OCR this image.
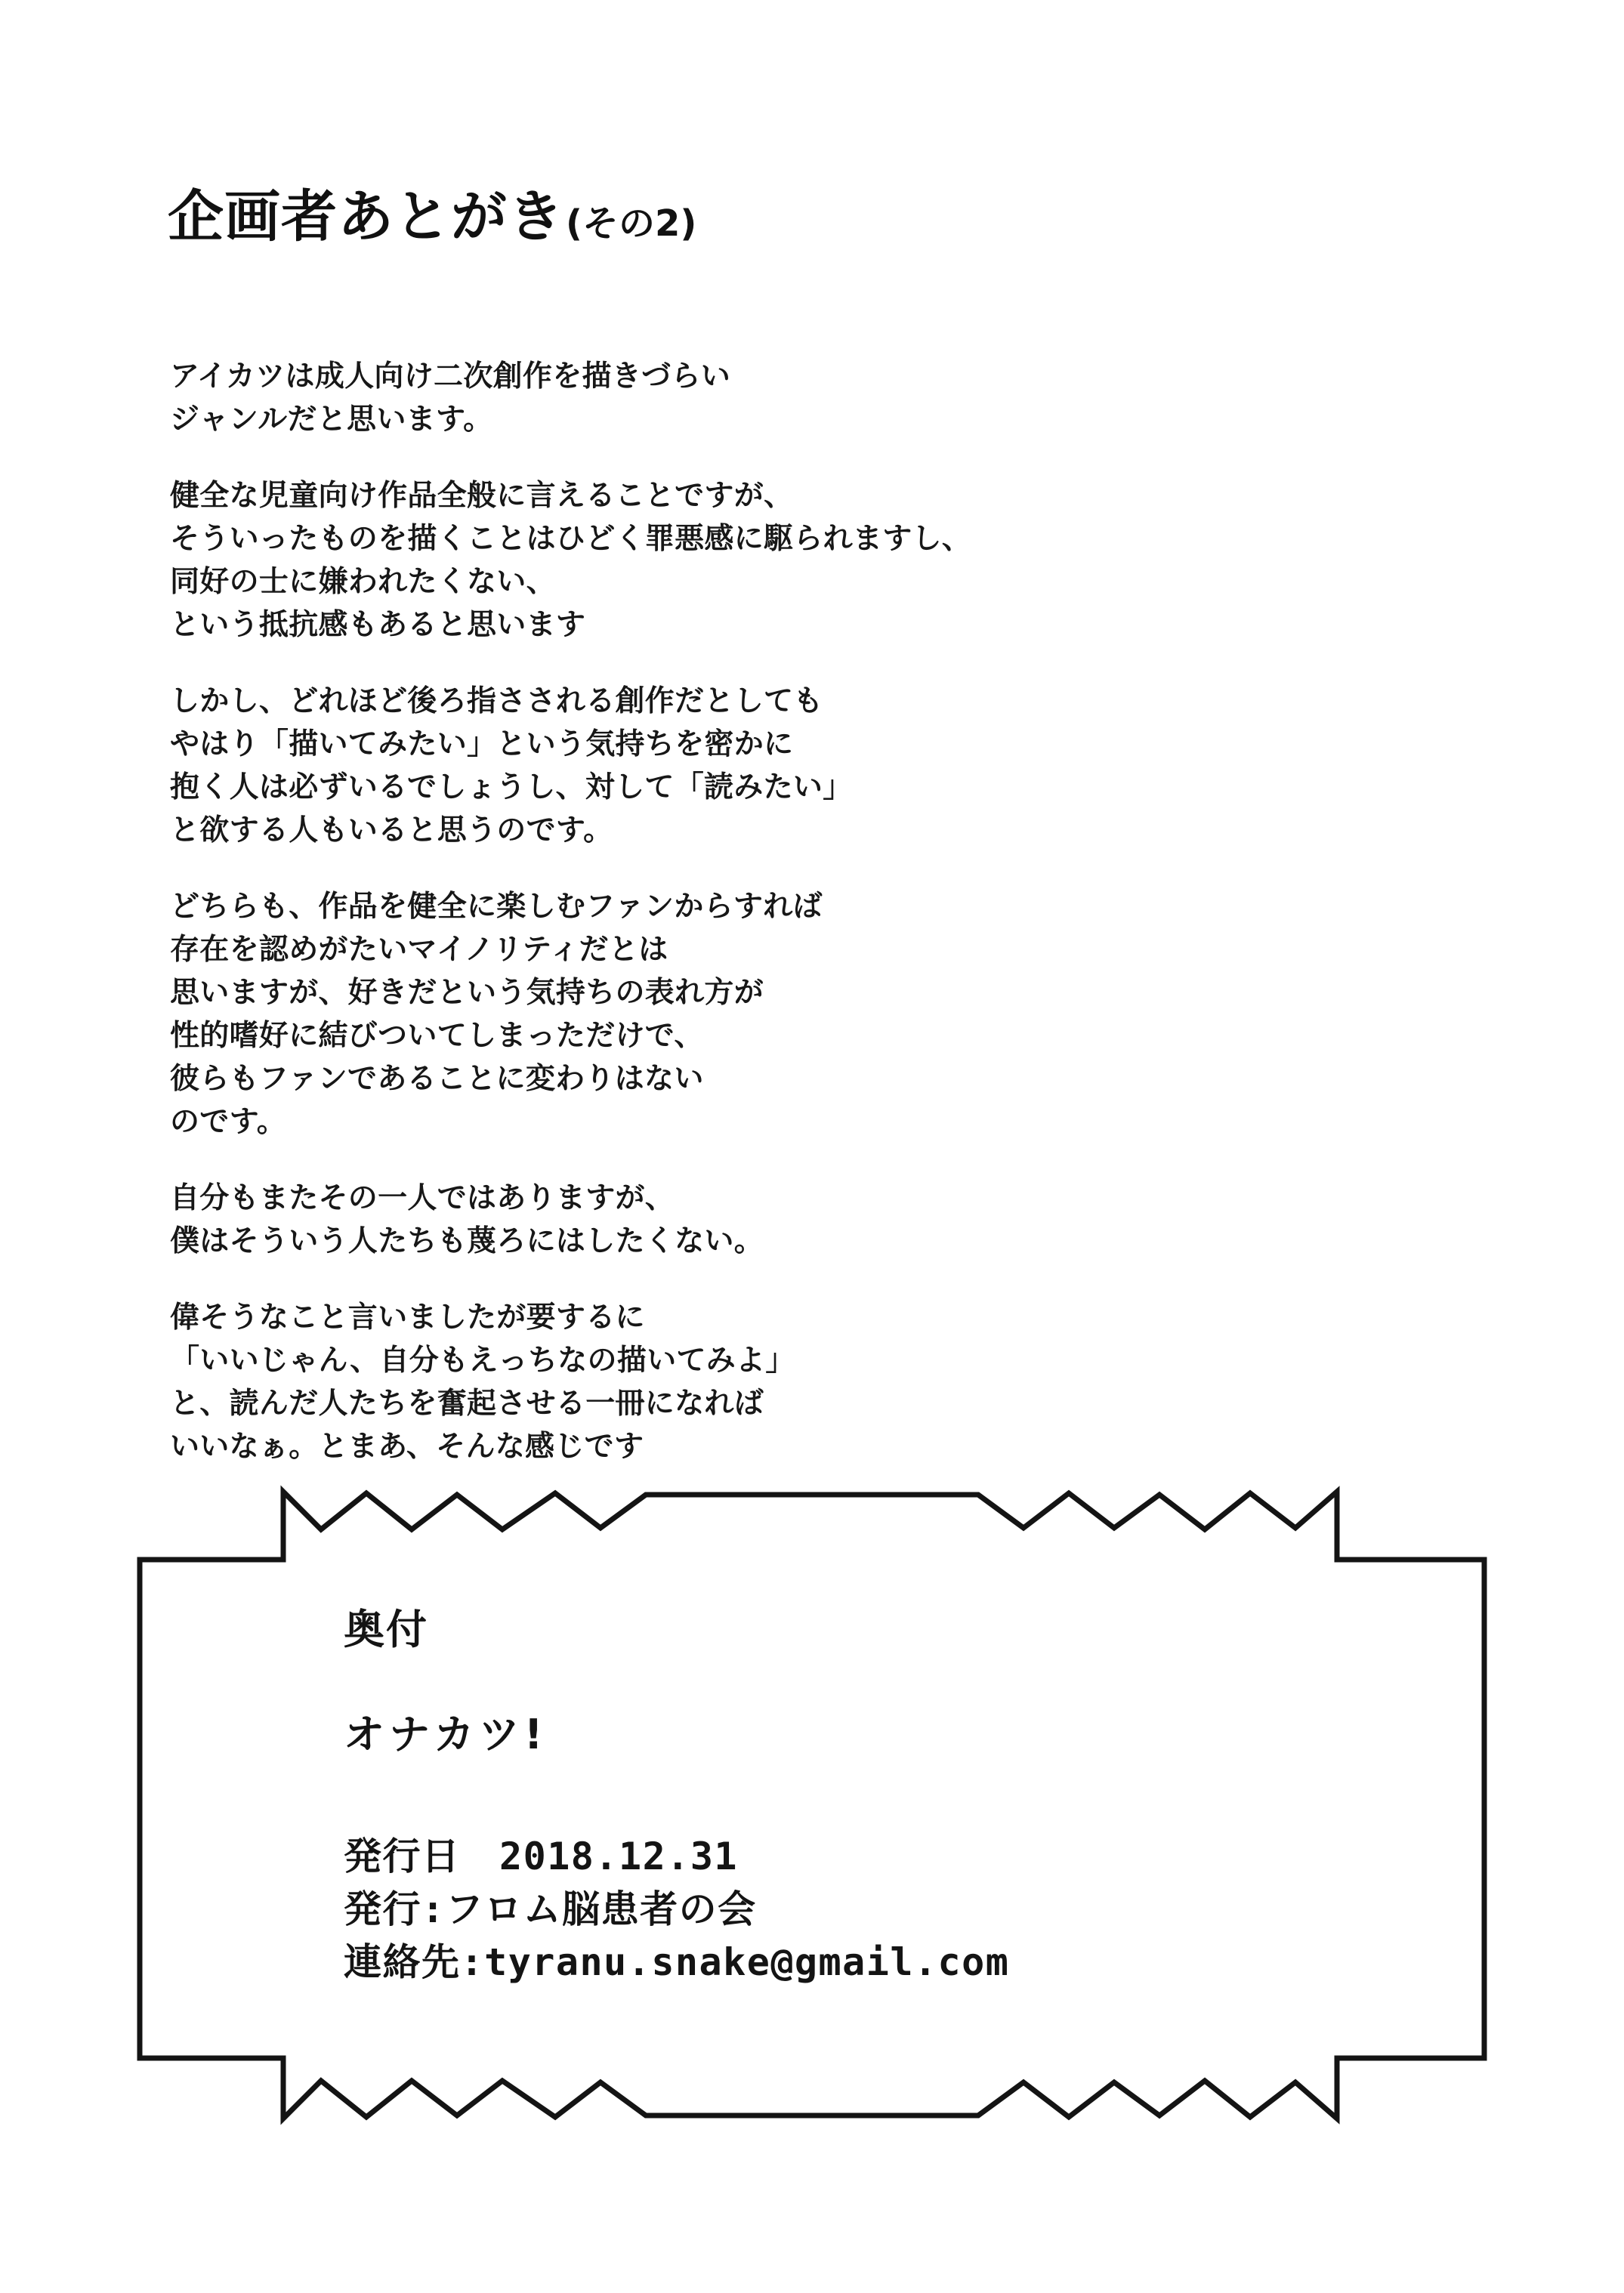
企画者あとがき (その2)
アイカツは成人向け二次創作を描きづらい
ジャンルだと思います。
健全な児童向け作品全般に言えることですが、
そういったものを描くことはひどく罪悪感に駆られますし、
同好の士に嫌われたくない、
という抵抗感もあると思います
しかし、どれほど後ろ指さされる創作だとしても
やはり「描いてみたい」という気持ちを密かに
抱く人は必ずいるでしょうし、対して「読みたい」
と欲する人もいると思うのです。
どちらも、作品を健全に楽しむファンからすれば
存在を認めがたいマイノリティだとは
思いますが、好きだという気持ちの表れ方が
性的嗜好に結びついてしまっただけで、
彼らもファンであることに変わりはない
のです。
自分もまたその一人ではありますが、
僕はそういう人たちも蔑ろにはしたくない。
偉そうなこと言いましたが要するに
「いいじゃん、自分もえっちなの描いてみよ」
と、読んだ人たちを奮起させる一冊になれば
いいなぁ。とまあ、そんな感じです
奥付
オナカツ!
発行日　2018.12.31
発行:フロム脳患者の会
連絡先:tyranu.snake@gmail.com
